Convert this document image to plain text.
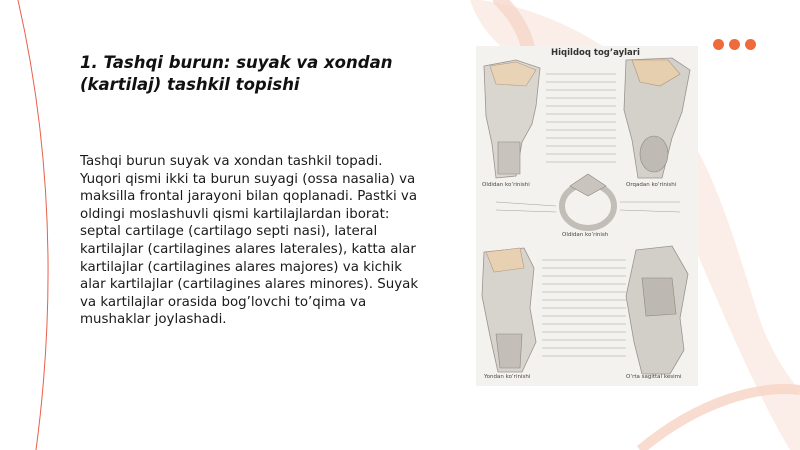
1. Tashqi burun: suyak va xondan (kartilaj) tashkil topishi

Tashqi burun suyak va xondan tashkil topadi. Yuqori qismi ikki ta burun suyagi (ossa nasalia) va maksilla frontal jarayoni bilan qoplanadi. Pastki va oldingi moslashuvli qismi kartilajlardan iborat: septal cartilage (cartilago septi nasi), lateral kartilajlar (cartilagines alares laterales), katta alar kartilajlar (cartilagines alares majores) va kichik alar kartilajlar (cartilagines alares minores). Suyak va kartilajlar orasida bog’lovchi to’qima va mushaklar joylashadi.

Hiqildoq tog’aylari
Oldidan ko’rinishi	Orqadan ko’rinishi
Oldidan ko’rinish
Yondan ko’rinishi	O’rta sagittal kesimi
